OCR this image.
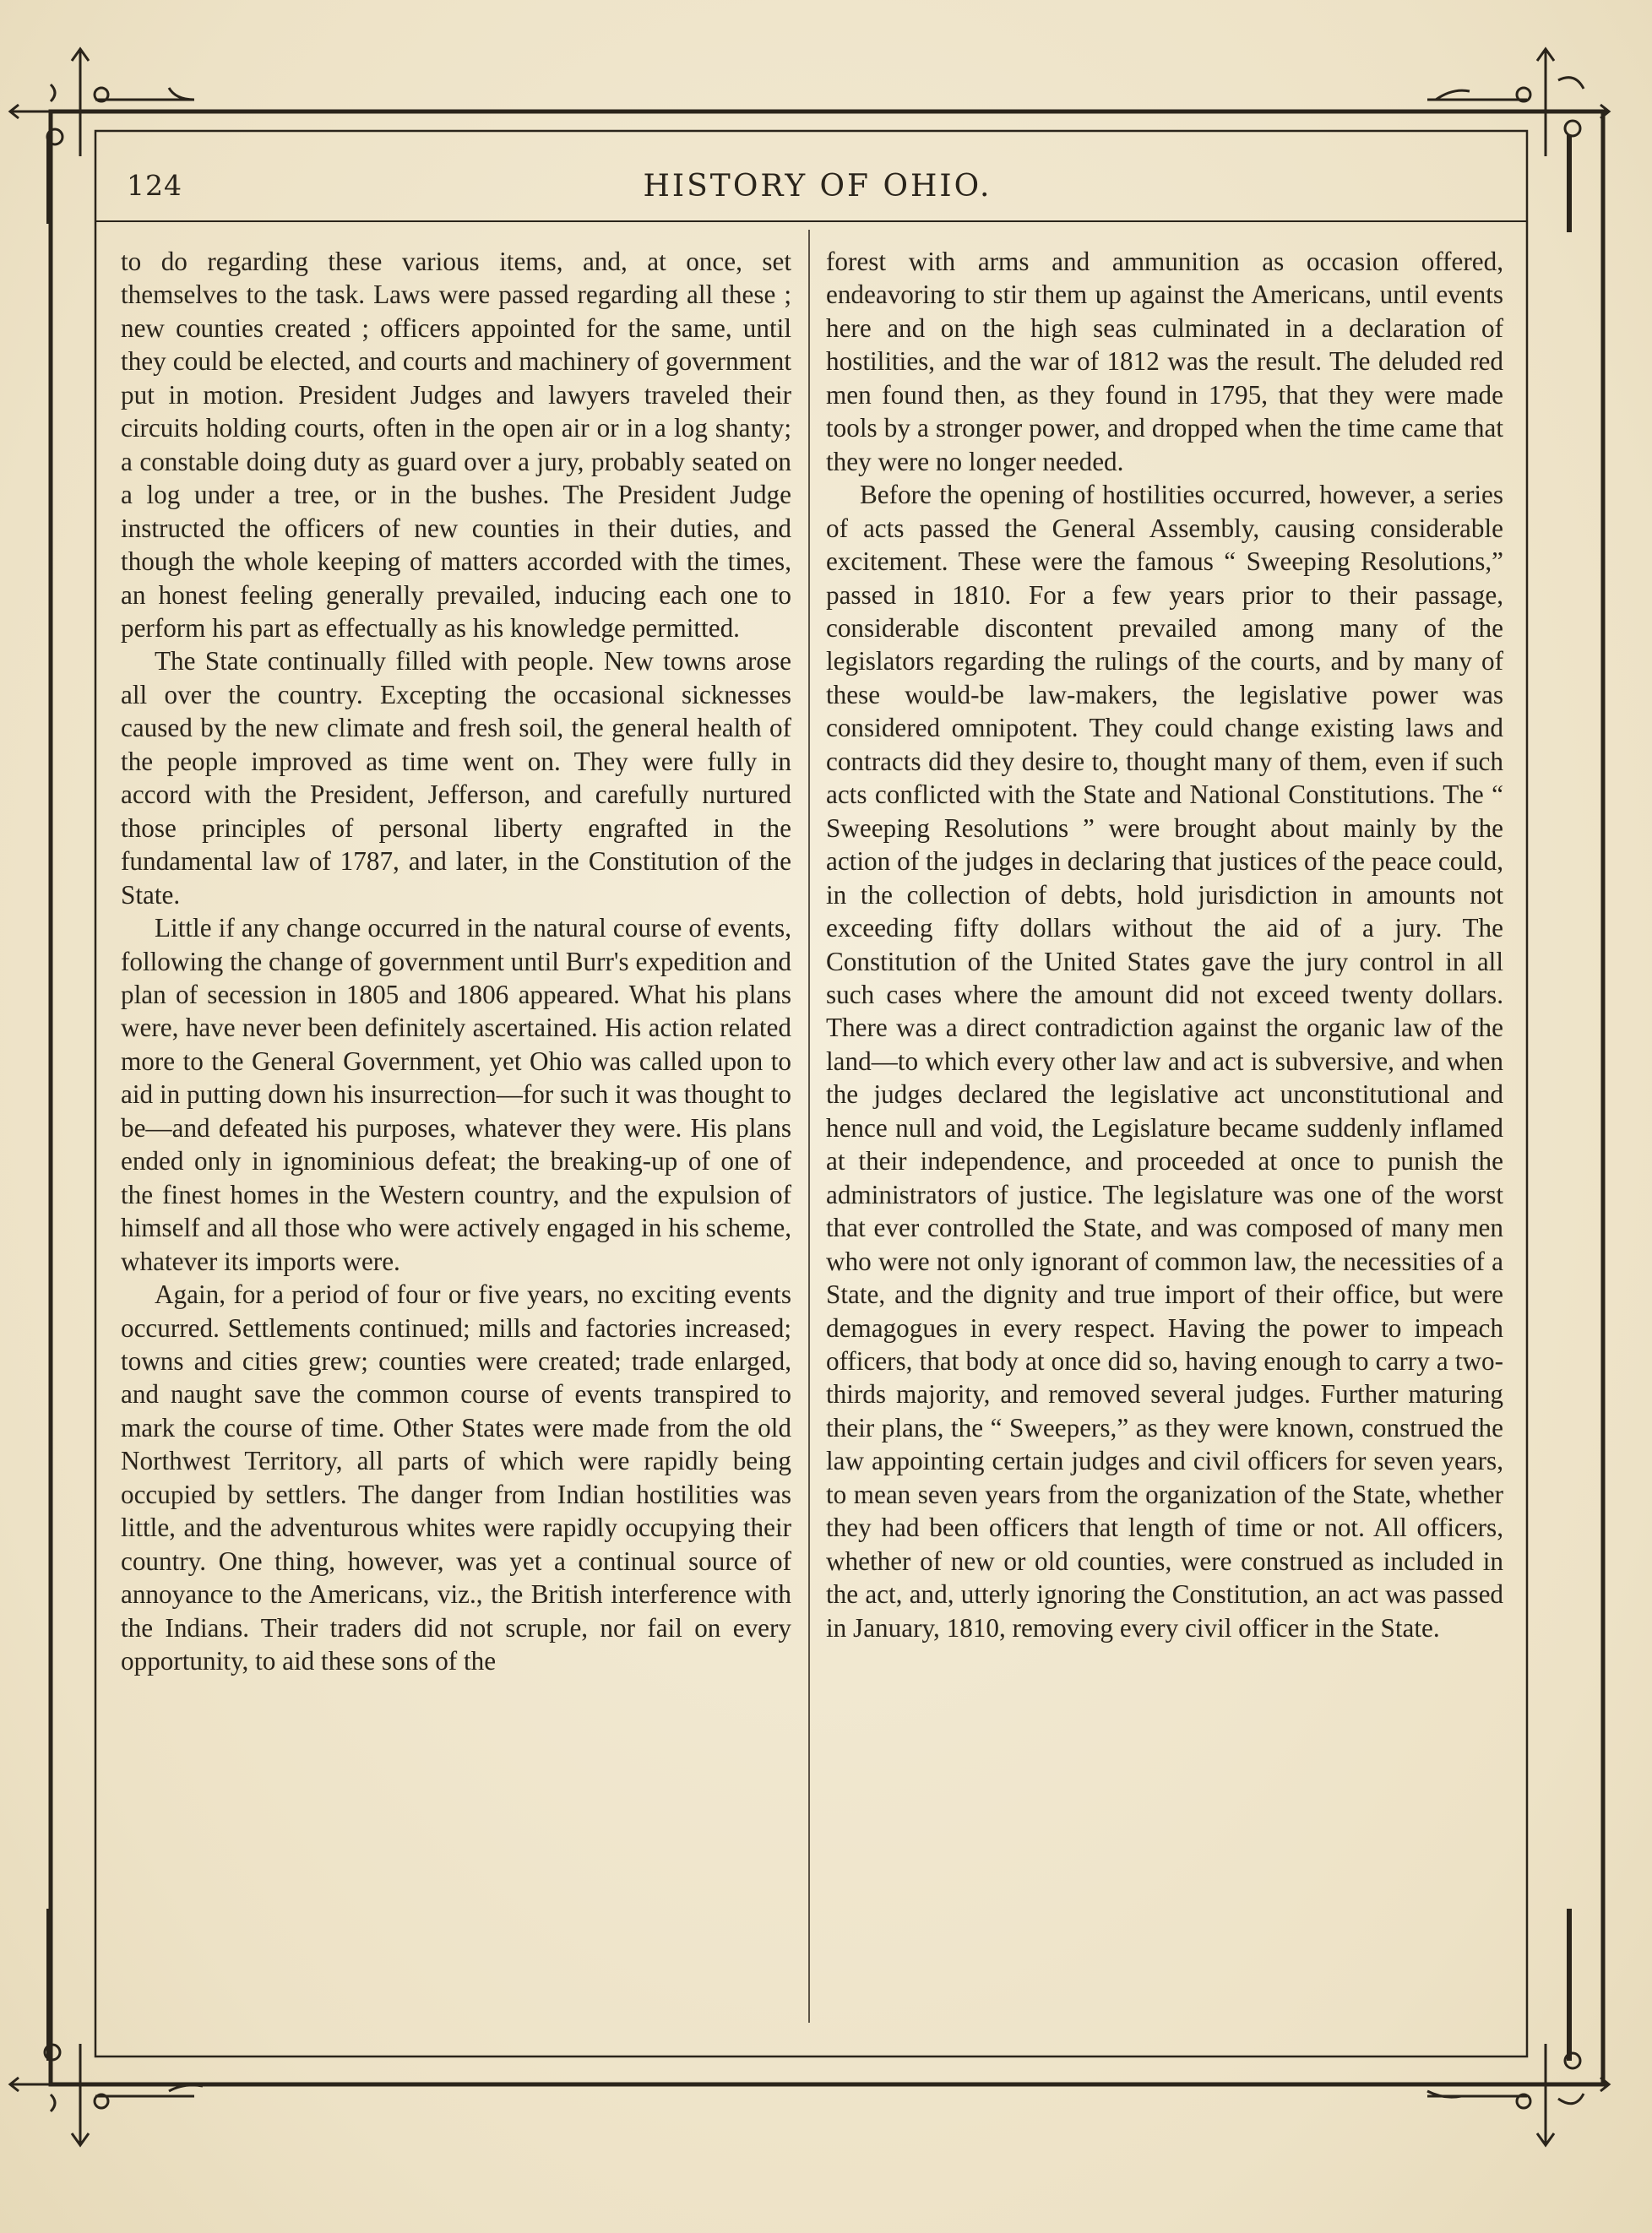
124	HISTORY OF OHIO.

to do regarding these various items, and, at once, set themselves to the task. Laws were passed regarding all these ; new counties created ; officers appointed for the same, until they could be elected, and courts and machinery of government put in motion. President Judges and lawyers traveled their circuits holding courts, often in the open air or in a log shanty; a constable doing duty as guard over a jury, probably seated on a log under a tree, or in the bushes. The President Judge instructed the officers of new counties in their duties, and though the whole keeping of matters accorded with the times, an honest feeling generally prevailed, inducing each one to perform his part as effectually as his knowledge permitted.

The State continually filled with people. New towns arose all over the country. Excepting the occasional sicknesses caused by the new climate and fresh soil, the general health of the people improved as time went on. They were fully in accord with the President, Jefferson, and carefully nurtured those principles of personal liberty engrafted in the fundamental law of 1787, and later, in the Constitution of the State.

Little if any change occurred in the natural course of events, following the change of government until Burr's expedition and plan of secession in 1805 and 1806 appeared. What his plans were, have never been definitely ascertained. His action related more to the General Government, yet Ohio was called upon to aid in putting down his insurrection—for such it was thought to be—and defeated his purposes, whatever they were. His plans ended only in ignominious defeat; the breaking-up of one of the finest homes in the Western country, and the expulsion of himself and all those who were actively engaged in his scheme, whatever its imports were.

Again, for a period of four or five years, no exciting events occurred. Settlements continued; mills and factories increased; towns and cities grew; counties were created; trade enlarged, and naught save the common course of events transpired to mark the course of time. Other States were made from the old Northwest Territory, all parts of which were rapidly being occupied by settlers. The danger from Indian hostilities was little, and the adventurous whites were rapidly occupying their country. One thing, however, was yet a continual source of annoyance to the Americans, viz., the British interference with the Indians. Their traders did not scruple, nor fail on every opportunity, to aid these sons of the

forest with arms and ammunition as occasion offered, endeavoring to stir them up against the Americans, until events here and on the high seas culminated in a declaration of hostilities, and the war of 1812 was the result. The deluded red men found then, as they found in 1795, that they were made tools by a stronger power, and dropped when the time came that they were no longer needed.

Before the opening of hostilities occurred, however, a series of acts passed the General Assembly, causing considerable excitement. These were the famous “ Sweeping Resolutions,” passed in 1810. For a few years prior to their passage, considerable discontent prevailed among many of the legislators regarding the rulings of the courts, and by many of these would-be law-makers, the legislative power was considered omnipotent. They could change existing laws and contracts did they desire to, thought many of them, even if such acts conflicted with the State and National Constitutions. The “ Sweeping Resolutions ” were brought about mainly by the action of the judges in declaring that justices of the peace could, in the collection of debts, hold jurisdiction in amounts not exceeding fifty dollars without the aid of a jury. The Constitution of the United States gave the jury control in all such cases where the amount did not exceed twenty dollars. There was a direct contradiction against the organic law of the land—to which every other law and act is subversive, and when the judges declared the legislative act unconstitutional and hence null and void, the Legislature became suddenly inflamed at their independence, and proceeded at once to punish the administrators of justice. The legislature was one of the worst that ever controlled the State, and was composed of many men who were not only ignorant of common law, the necessities of a State, and the dignity and true import of their office, but were demagogues in every respect. Having the power to impeach officers, that body at once did so, having enough to carry a two-thirds majority, and removed several judges. Further maturing their plans, the “ Sweepers,” as they were known, construed the law appointing certain judges and civil officers for seven years, to mean seven years from the organization of the State, whether they had been officers that length of time or not. All officers, whether of new or old counties, were construed as included in the act, and, utterly ignoring the Constitution, an act was passed in January, 1810, removing every civil officer in the State.
